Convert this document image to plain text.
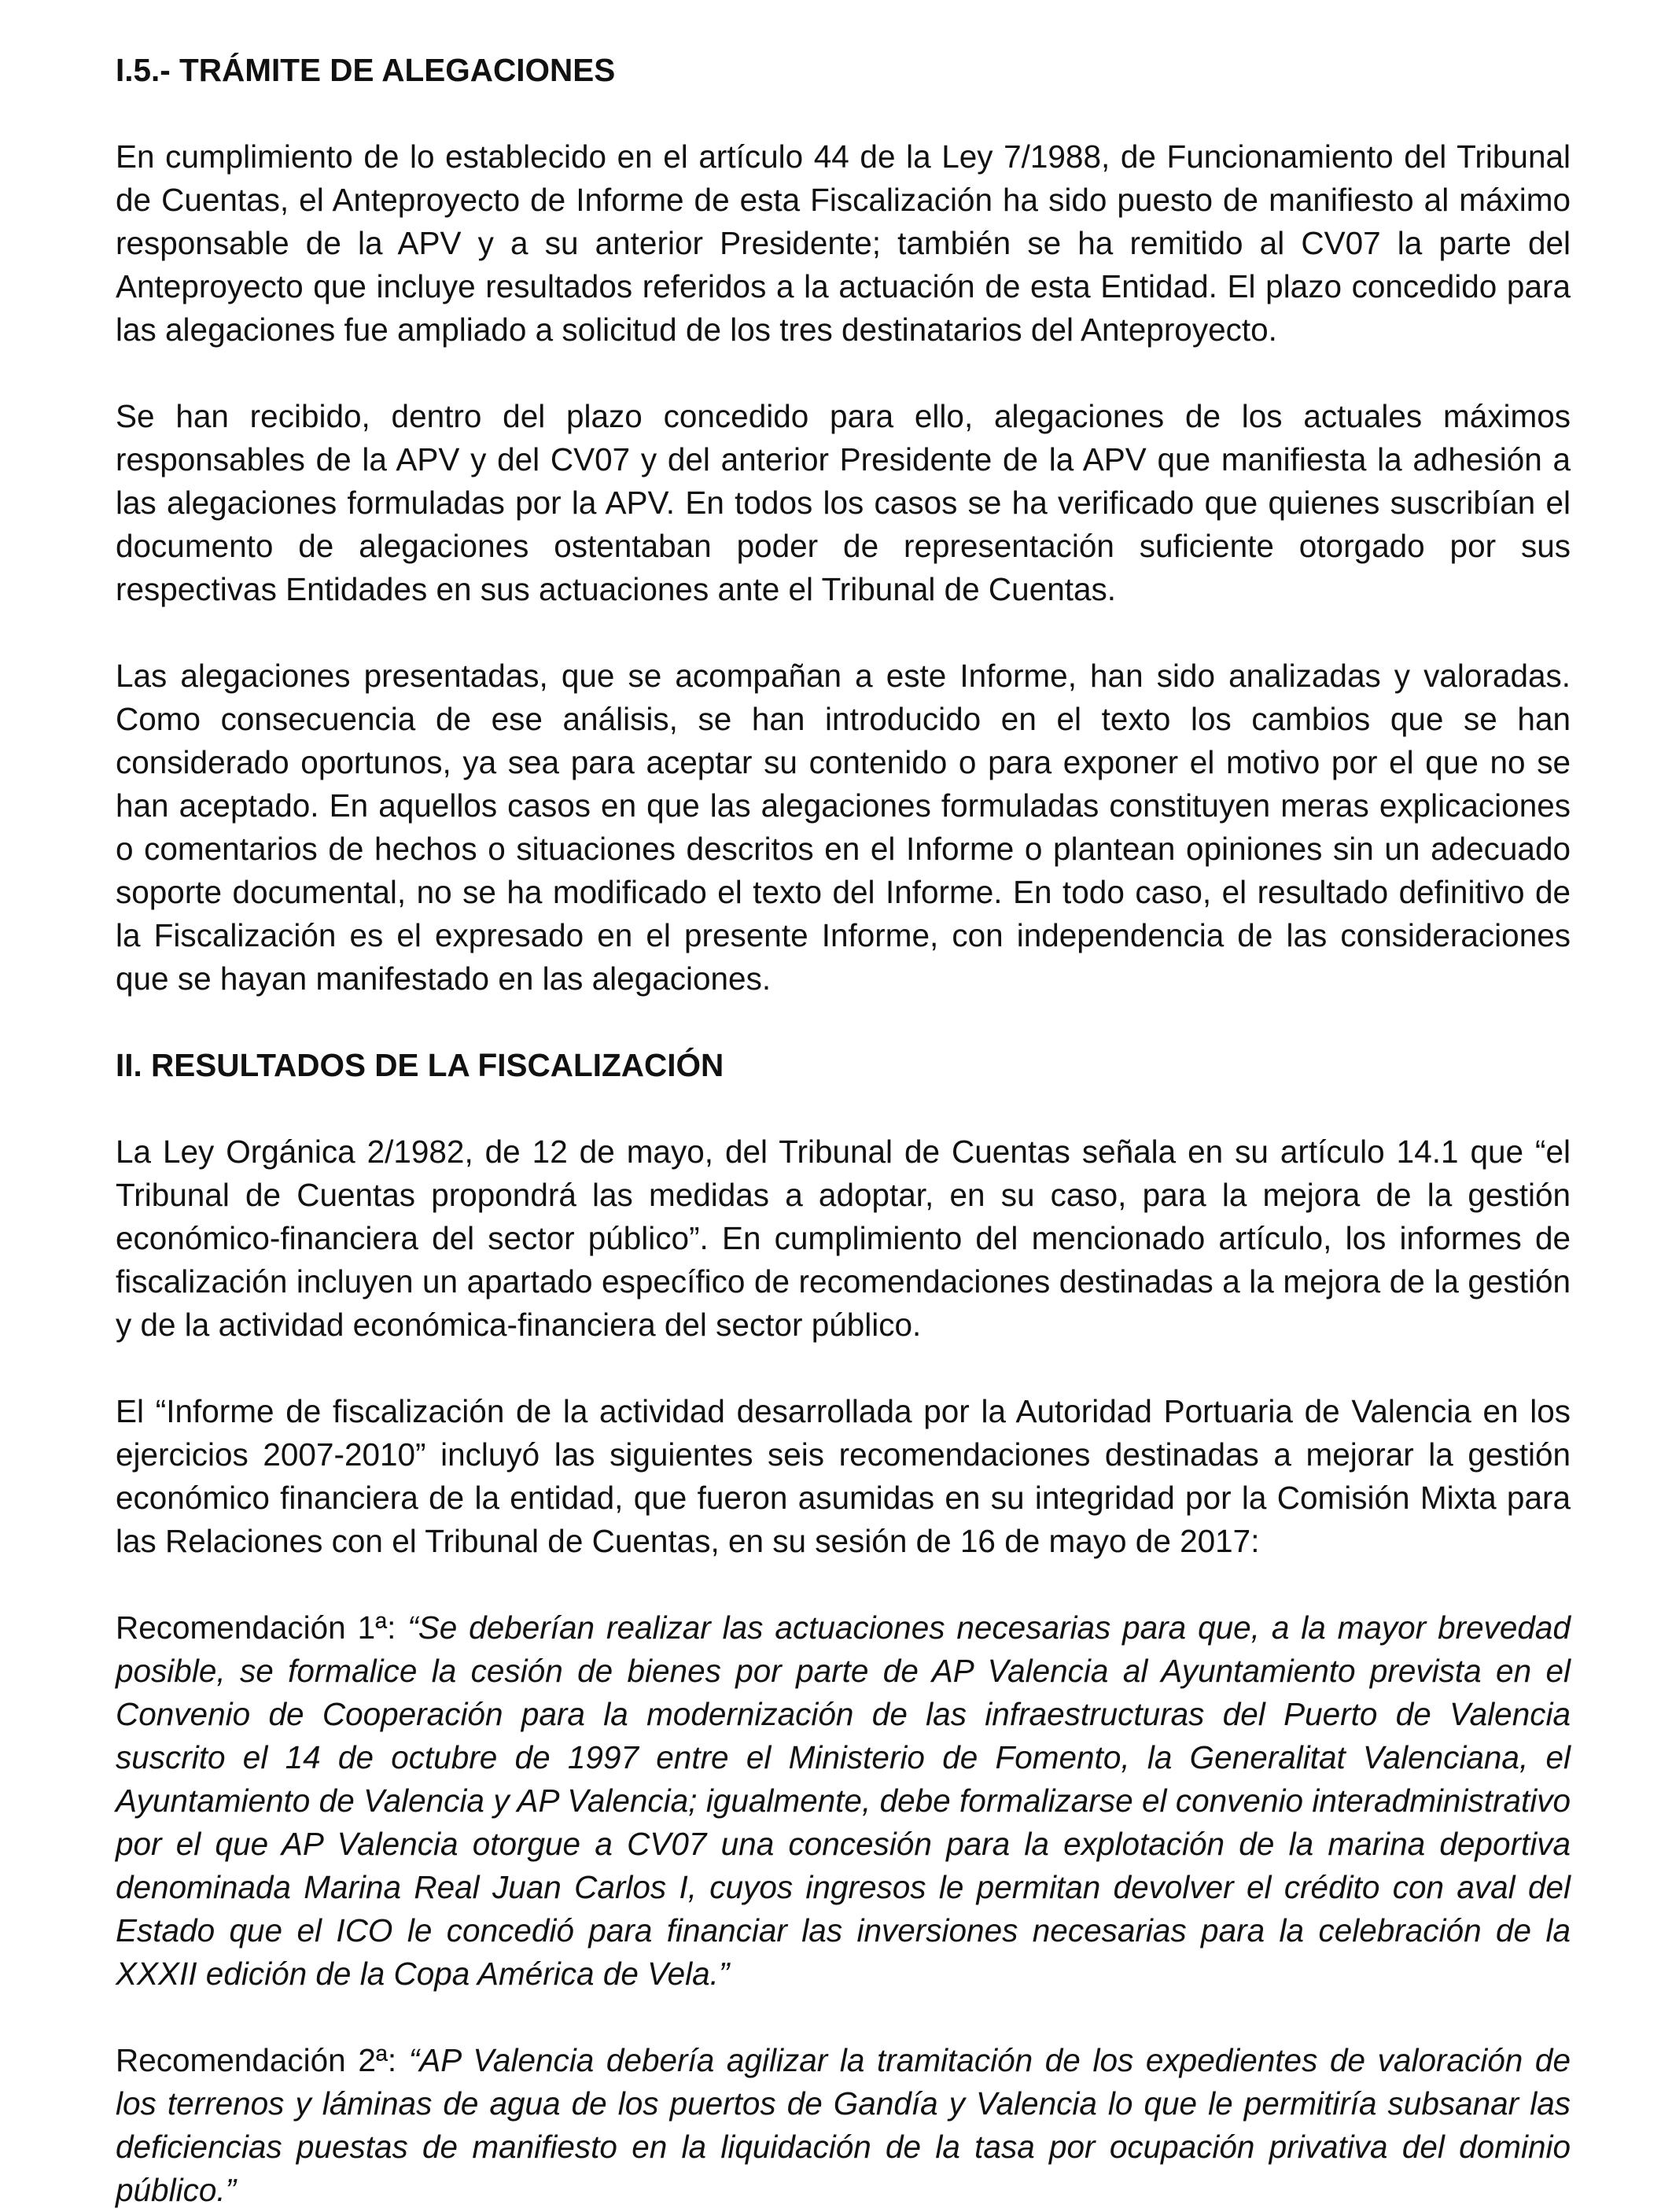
I.5.- TRÁMITE DE ALEGACIONES

En cumplimiento de lo establecido en el artículo 44 de la Ley 7/1988, de Funcionamiento del Tribunal de Cuentas, el Anteproyecto de Informe de esta Fiscalización ha sido puesto de manifiesto al máximo responsable de la APV y a su anterior Presidente; también se ha remitido al CV07 la parte del Anteproyecto que incluye resultados referidos a la actuación de esta Entidad. El plazo concedido para las alegaciones fue ampliado a solicitud de los tres destinatarios del Anteproyecto.

Se han recibido, dentro del plazo concedido para ello, alegaciones de los actuales máximos responsables de la APV y del CV07 y del anterior Presidente de la APV que manifiesta la adhesión a las alegaciones formuladas por la APV. En todos los casos se ha verificado que quienes suscribían el documento de alegaciones ostentaban poder de representación suficiente otorgado por sus respectivas Entidades en sus actuaciones ante el Tribunal de Cuentas.

Las alegaciones presentadas, que se acompañan a este Informe, han sido analizadas y valoradas. Como consecuencia de ese análisis, se han introducido en el texto los cambios que se han considerado oportunos, ya sea para aceptar su contenido o para exponer el motivo por el que no se han aceptado. En aquellos casos en que las alegaciones formuladas constituyen meras explicaciones o comentarios de hechos o situaciones descritos en el Informe o plantean opiniones sin un adecuado soporte documental, no se ha modificado el texto del Informe. En todo caso, el resultado definitivo de la Fiscalización es el expresado en el presente Informe, con independencia de las consideraciones que se hayan manifestado en las alegaciones.

II. RESULTADOS DE LA FISCALIZACIÓN

La Ley Orgánica 2/1982, de 12 de mayo, del Tribunal de Cuentas señala en su artículo 14.1 que “el Tribunal de Cuentas propondrá las medidas a adoptar, en su caso, para la mejora de la gestión económico-financiera del sector público”. En cumplimiento del mencionado artículo, los informes de fiscalización incluyen un apartado específico de recomendaciones destinadas a la mejora de la gestión y de la actividad económica-financiera del sector público.

El “Informe de fiscalización de la actividad desarrollada por la Autoridad Portuaria de Valencia en los ejercicios 2007-2010” incluyó las siguientes seis recomendaciones destinadas a mejorar la gestión económico financiera de la entidad, que fueron asumidas en su integridad por la Comisión Mixta para las Relaciones con el Tribunal de Cuentas, en su sesión de 16 de mayo de 2017:

Recomendación 1ª: “Se deberían realizar las actuaciones necesarias para que, a la mayor brevedad posible, se formalice la cesión de bienes por parte de AP Valencia al Ayuntamiento prevista en el Convenio de Cooperación para la modernización de las infraestructuras del Puerto de Valencia suscrito el 14 de octubre de 1997 entre el Ministerio de Fomento, la Generalitat Valenciana, el Ayuntamiento de Valencia y AP Valencia; igualmente, debe formalizarse el convenio interadministrativo por el que AP Valencia otorgue a CV07 una concesión para la explotación de la marina deportiva denominada Marina Real Juan Carlos I, cuyos ingresos le permitan devolver el crédito con aval del Estado que el ICO le concedió para financiar las inversiones necesarias para la celebración de la XXXII edición de la Copa América de Vela.”

Recomendación 2ª: “AP Valencia debería agilizar la tramitación de los expedientes de valoración de los terrenos y láminas de agua de los puertos de Gandía y Valencia lo que le permitiría subsanar las deficiencias puestas de manifiesto en la liquidación de la tasa por ocupación privativa del dominio público.”
